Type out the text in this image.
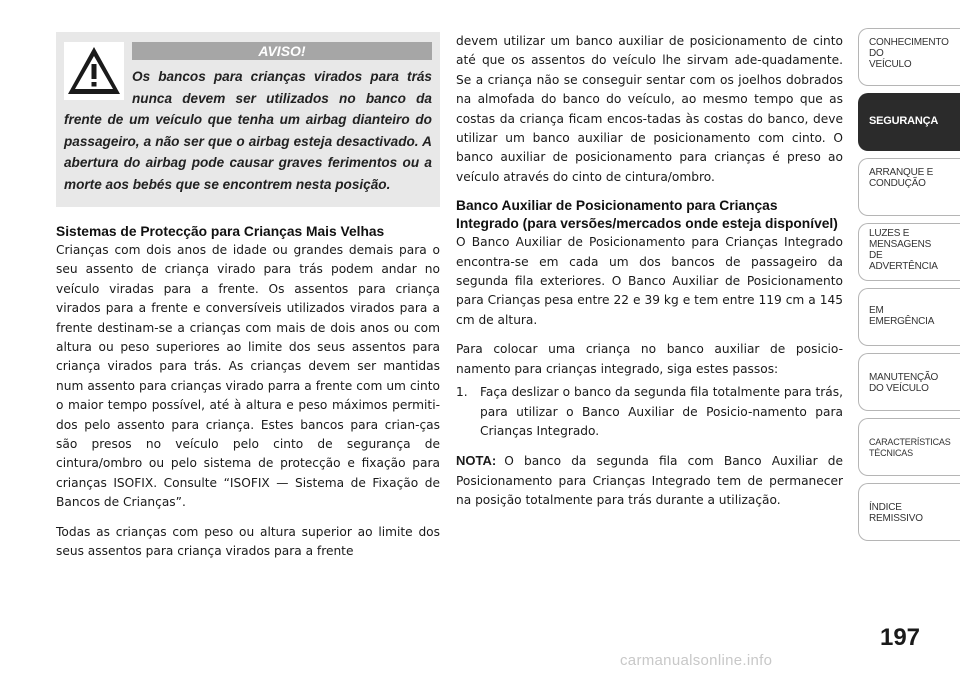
AVISO!
Os bancos para crianças virados para trás nunca devem ser utilizados no banco da frente de um veículo que tenha um airbag dianteiro do passageiro, a não ser que o airbag esteja desactivado. A abertura do airbag pode causar graves ferimentos ou a morte aos bebés que se encontrem nesta posição.
Sistemas de Protecção para Crianças Mais Velhas

Crianças com dois anos de idade ou grandes demais para o seu assento de criança virado para trás podem andar no veículo viradas para a frente. Os assentos para criança virados para a frente e conversíveis utilizados virados para a frente destinam-se a crianças com mais de dois anos ou com altura ou peso superiores ao limite dos seus assentos para criança virados para trás. As crianças devem ser mantidas num assento para crianças virado parra a frente com um cinto o maior tempo possível, até à altura e peso máximos permiti-dos pelo assento para criança. Estes bancos para crian-ças são presos no veículo pelo cinto de segurança de cintura/ombro ou pelo sistema de protecção e fixação para crianças ISOFIX. Consulte “ISOFIX — Sistema de Fixação de Bancos de Crianças”.

Todas as crianças com peso ou altura superior ao limite dos seus assentos para criança virados para a frente

devem utilizar um banco auxiliar de posicionamento de cinto até que os assentos do veículo lhe sirvam ade-quadamente. Se a criança não se conseguir sentar com os joelhos dobrados na almofada do banco do veículo, ao mesmo tempo que as costas da criança ficam encos-tadas às costas do banco, deve utilizar um banco auxiliar de posicionamento com cinto. O banco auxiliar de posicionamento para crianças é preso ao veículo através do cinto de cintura/ombro.

Banco Auxiliar de Posicionamento para Crianças Integrado (para versões/mercados onde esteja disponível)

O Banco Auxiliar de Posicionamento para Crianças Integrado encontra-se em cada um dos bancos de passageiro da segunda fila exteriores. O Banco Auxiliar de Posicionamento para Crianças pesa entre 22 e 39 kg e tem entre 119 cm a 145 cm de altura.

Para colocar uma criança no banco auxiliar de posicio-namento para crianças integrado, siga estes passos:

1. Faça deslizar o banco da segunda fila totalmente para trás, para utilizar o Banco Auxiliar de Posicio-namento para Crianças Integrado.

NOTA: O banco da segunda fila com Banco Auxiliar de Posicionamento para Crianças Integrado tem de permanecer na posição totalmente para trás durante a utilização.

CONHECIMENTO
DO
VEÍCULO
SEGURANÇA
ARRANQUE E
CONDUÇÃO
LUZES E
MENSAGENS
DE
ADVERTÊNCIA
EM
EMERGÊNCIA
MANUTENÇÃO
DO VEÍCULO
CARACTERÍSTICAS
TÉCNICAS
ÍNDICE
REMISSIVO
197
carmanualsonline.info
